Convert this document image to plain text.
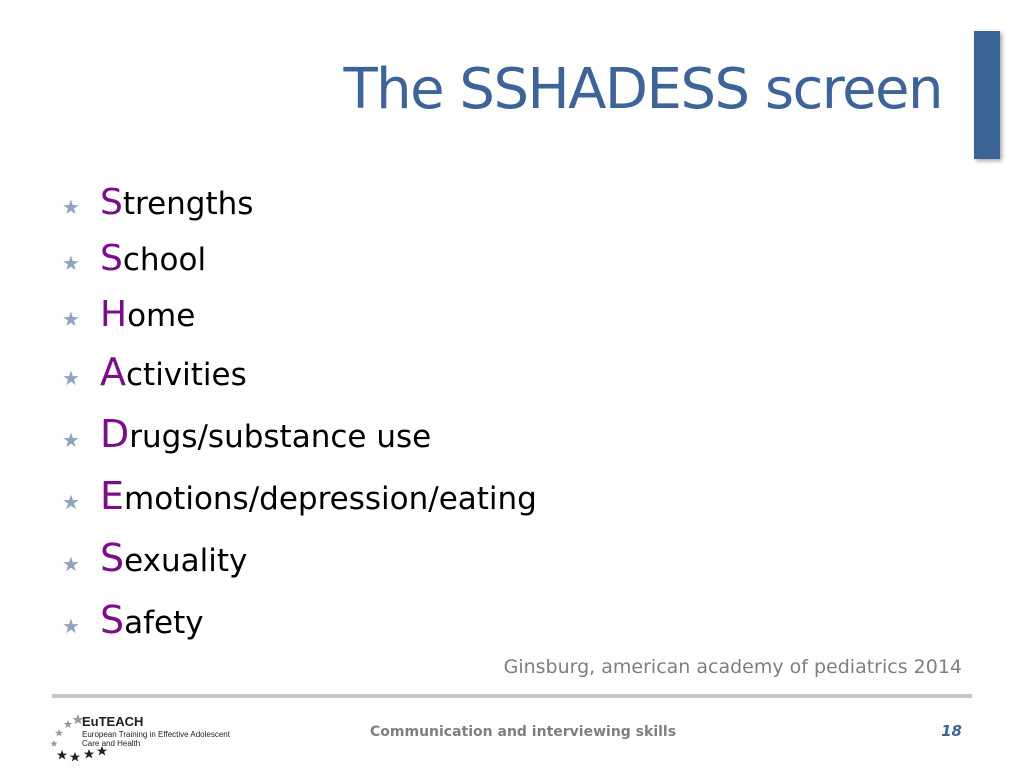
The SSHADESS screen
★ S trengths
★ S chool
★ H ome
★ A ctivities
★ D rugs/substance use
★ E motions/depression/eating
★ S exuality
★ S afety
Ginsburg, american academy of pediatrics 2014
EuTEACH
European Training in Effective Adolescent
Care and Health
Communication and interviewing skills	18
